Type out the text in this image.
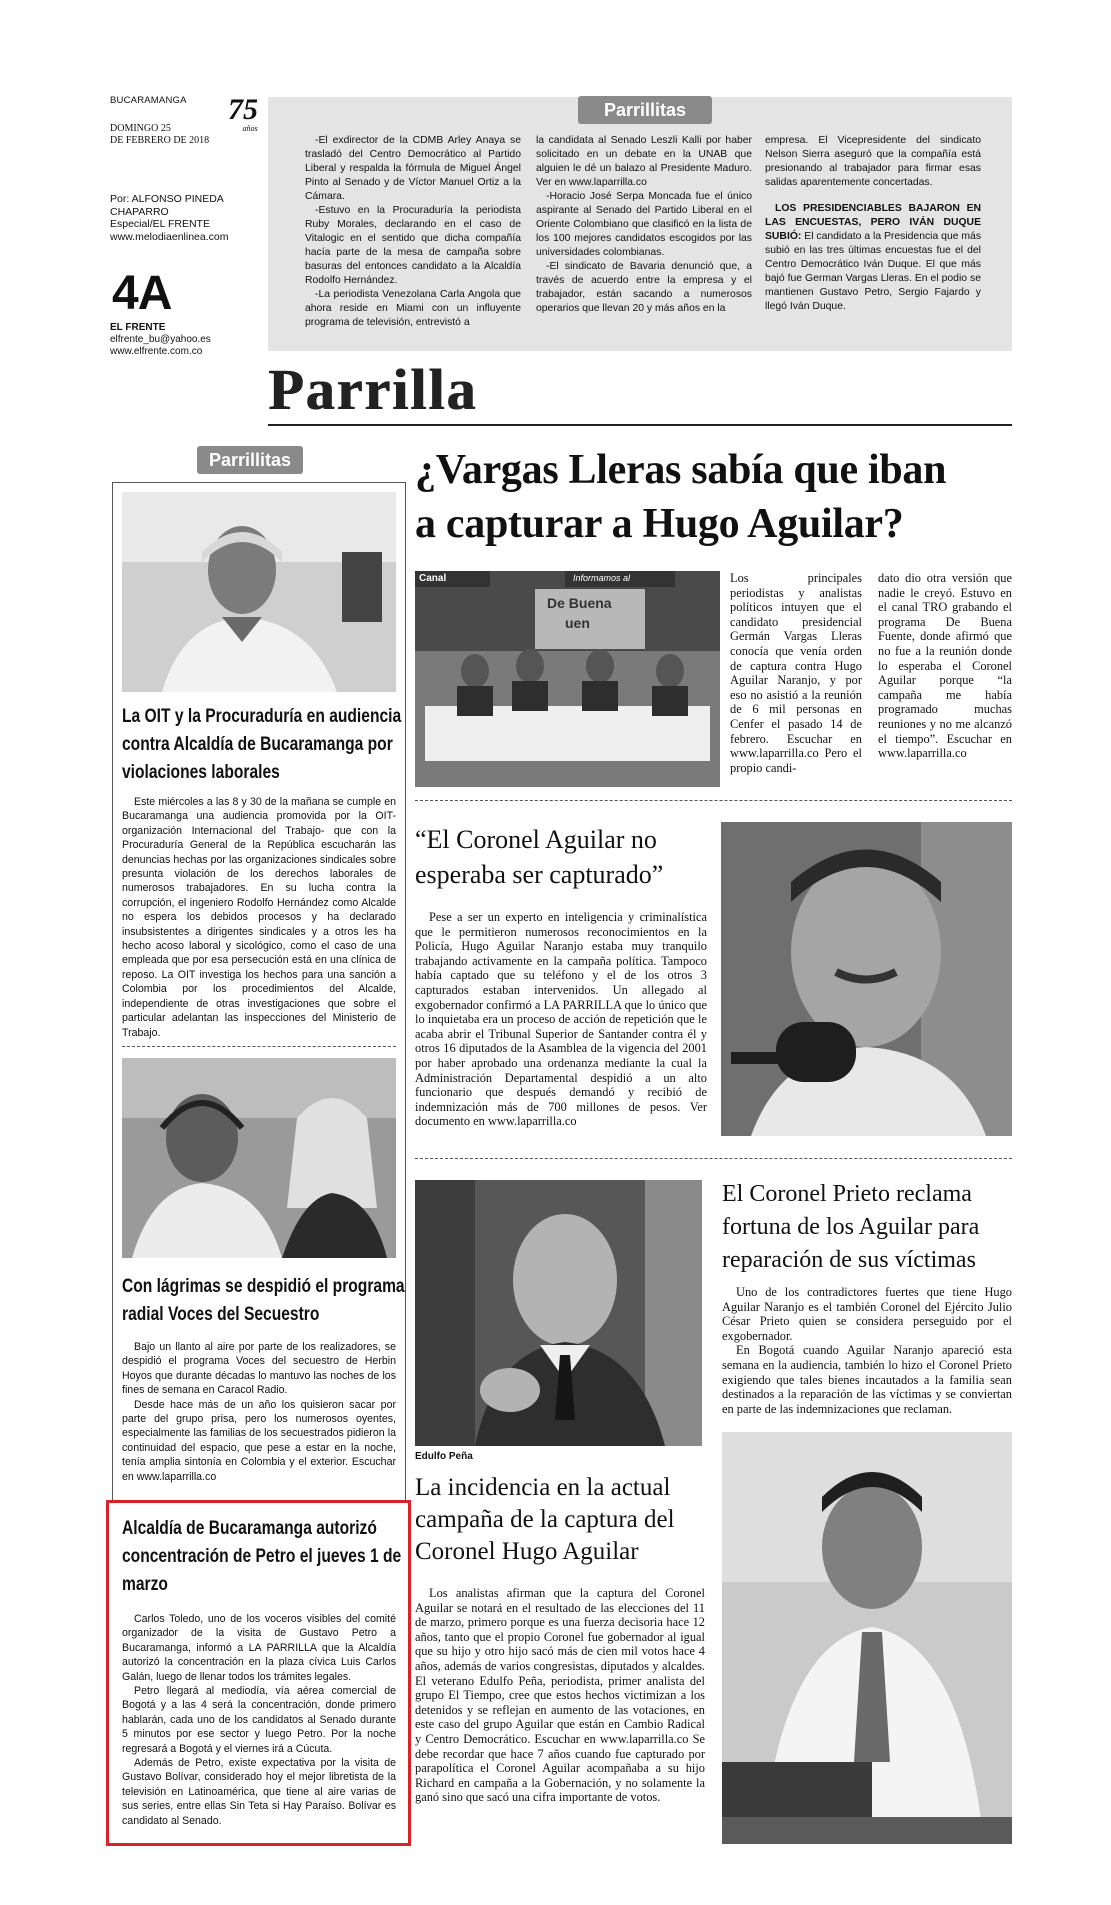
BUCARAMANGA
DOMINGO 25
DE FEBRERO DE 2018
75
años
Por: ALFONSO PINEDA
CHAPARRO
Especial/EL FRENTE
www.melodiaenlinea.com
4A
EL FRENTE
elfrente_bu@yahoo.es
www.elfrente.com.co
Parrillitas

-El exdirector de la CDMB Arley Anaya se trasladó del Centro Democrático al Partido Liberal y respalda la fórmula de Miguel Ángel Pinto al Senado y de Víctor Manuel Ortiz a la Cámara.

-Estuvo en la Procuraduría la periodista Ruby Morales, declarando en el caso de Vitalogic en el sentido que dicha compañía hacía parte de la mesa de campaña sobre basuras del entonces candidato a la Alcaldía Rodolfo Hernández.

-La periodista Venezolana Carla Angola que ahora reside en Miami con un influyente programa de televisión, entrevistó a

la candidata al Senado Leszli Kalli por haber solicitado en un debate en la UNAB que alguien le dé un balazo al Presidente Maduro. Ver en www.laparrilla.co

-Horacio José Serpa Moncada fue el único aspirante al Senado del Partido Liberal en el Oriente Colombiano que clasificó en la lista de los 100 mejores candidatos escogidos por las universidades colombianas.

-El sindicato de Bavaria denunció que, a través de acuerdo entre la empresa y el trabajador, están sacando a numerosos operarios que llevan 20 y más años en la

empresa. El Vicepresidente del sindicato Nelson Sierra aseguró que la compañía está presionando al trabajador para firmar esas salidas aparentemente concertadas.

LOS PRESIDENCIABLES BAJARON EN LAS ENCUESTAS, PERO IVÁN DUQUE SUBIÓ: El candidato a la Presidencia que más subió en las tres últimas encuestas fue el del Centro Democrático Iván Duque. El que más bajó fue German Vargas Lleras. En el podio se mantienen Gustavo Petro, Sergio Fajardo y llegó Iván Duque.

Parrilla
Parrillitas
La OIT y la Procuraduría en audiencia contra Alcaldía de Bucaramanga por violaciones laborales
Este miércoles a las 8 y 30 de la mañana se cumple en Bucaramanga una audiencia promovida por la OIT-organización Internacional del Trabajo- que con la Procuraduría General de la República escucharán las denuncias hechas por las organizaciones sindicales sobre presunta violación de los derechos laborales de numerosos trabajadores. En su lucha contra la corrupción, el ingeniero Rodolfo Hernández como Alcalde no espera los debidos procesos y ha declarado insubsistentes a dirigentes sindicales y a otros les ha hecho acoso laboral y sicológico, como el caso de una empleada que por esa persecución está en una clínica de reposo. La OIT investiga los hechos para una sanción a Colombia por los procedimientos del Alcalde, independiente de otras investigaciones que sobre el particular adelantan las inspecciones del Ministerio de Trabajo.
Con lágrimas se despidió el programa radial Voces del Secuestro

Bajo un llanto al aire por parte de los realizadores, se despidió el programa Voces del secuestro de Herbin Hoyos que durante décadas lo mantuvo las noches de los fines de semana en Caracol Radio.

Desde hace más de un año los quisieron sacar por parte del grupo prisa, pero los numerosos oyentes, especialmente las familias de los secuestrados pidieron la continuidad del espacio, que pese a estar en la noche, tenía amplia sintonía en Colombia y el exterior. Escuchar en www.laparrilla.co

Alcaldía de Bucaramanga autorizó concentración de Petro el jueves 1 de marzo

Carlos Toledo, uno de los voceros visibles del comité organizador de la visita de Gustavo Petro a Bucaramanga, informó a LA PARRILLA que la Alcaldía autorizó la concentración en la plaza cívica Luis Carlos Galán, luego de llenar todos los trámites legales.

Petro llegará al mediodía, vía aérea comercial de Bogotá y a las 4 será la concentración, donde primero hablarán, cada uno de los candidatos al Senado durante 5 minutos por ese sector y luego Petro. Por la noche regresará a Bogotá y el viernes irá a Cúcuta.

Además de Petro, existe expectativa por la visita de Gustavo Bolívar, considerado hoy el mejor libretista de la televisión en Latinoamérica, que tiene al aire varias de sus series, entre ellas Sin Teta si Hay Paraíso. Bolívar es candidato al Senado.

¿Vargas Lleras sabía que iban
a capturar a Hugo Aguilar?
Canal	Informamos al
De Buena
uen
Los principales periodistas y analistas políticos intuyen que el candidato presidencial Germán Vargas Lleras conocía que venía orden de captura contra Hugo Aguilar Naranjo, y por eso no asistió a la reunión de 6 mil personas en Cenfer el pasado 14 de febrero. Escuchar en www.laparrilla.co Pero el propio candi-
dato dio otra versión que nadie le creyó. Estuvo en el canal TRO grabando el programa De Buena Fuente, donde afirmó que no fue a la reunión donde lo esperaba el Coronel Aguilar porque “la campaña me había programado muchas reuniones y no me alcanzó el tiempo”. Escuchar en www.laparrilla.co
“El Coronel Aguilar no
esperaba ser capturado”
Pese a ser un experto en inteligencia y criminalística que le permitieron numerosos reconocimientos en la Policía, Hugo Aguilar Naranjo estaba muy tranquilo trabajando activamente en la campaña política. Tampoco había captado que su teléfono y el de los otros 3 capturados estaban intervenidos. Un allegado al exgobernador confirmó a LA PARRILLA que lo único que lo inquietaba era un proceso de acción de repetición que le acaba abrir el Tribunal Superior de Santander contra él y otros 16 diputados de la Asamblea de la vigencia del 2001 por haber aprobado una ordenanza mediante la cual la Administración Departamental despidió a un alto funcionario que después demandó y recibió de indemnización más de 700 millones de pesos. Ver documento en www.laparrilla.co
Edulfo Peña
La incidencia en la actual
campaña de la captura del
Coronel Hugo Aguilar
Los analistas afirman que la captura del Coronel Aguilar se notará en el resultado de las elecciones del 11 de marzo, primero porque es una fuerza decisoria hace 12 años, tanto que el propio Coronel fue gobernador al igual que su hijo y otro hijo sacó más de cien mil votos hace 4 años, además de varios congresistas, diputados y alcaldes. El veterano Edulfo Peña, periodista, primer analista del grupo El Tiempo, cree que estos hechos victimizan a los detenidos y se reflejan en aumento de las votaciones, en este caso del grupo Aguilar que están en Cambio Radical y Centro Democrático. Escuchar en www.laparrilla.co Se debe recordar que hace 7 años cuando fue capturado por parapolítica el Coronel Aguilar acompañaba a su hijo Richard en campaña a la Gobernación, y no solamente la ganó sino que sacó una cifra importante de votos.
El Coronel Prieto reclama
fortuna de los Aguilar para
reparación de sus víctimas

Uno de los contradictores fuertes que tiene Hugo Aguilar Naranjo es el también Coronel del Ejército Julio César Prieto quien se considera perseguido por el exgobernador.

En Bogotá cuando Aguilar Naranjo apareció esta semana en la audiencia, también lo hizo el Coronel Prieto exigiendo que tales bienes incautados a la familia sean destinados a la reparación de las víctimas y se conviertan en parte de las indemnizaciones que reclaman.
